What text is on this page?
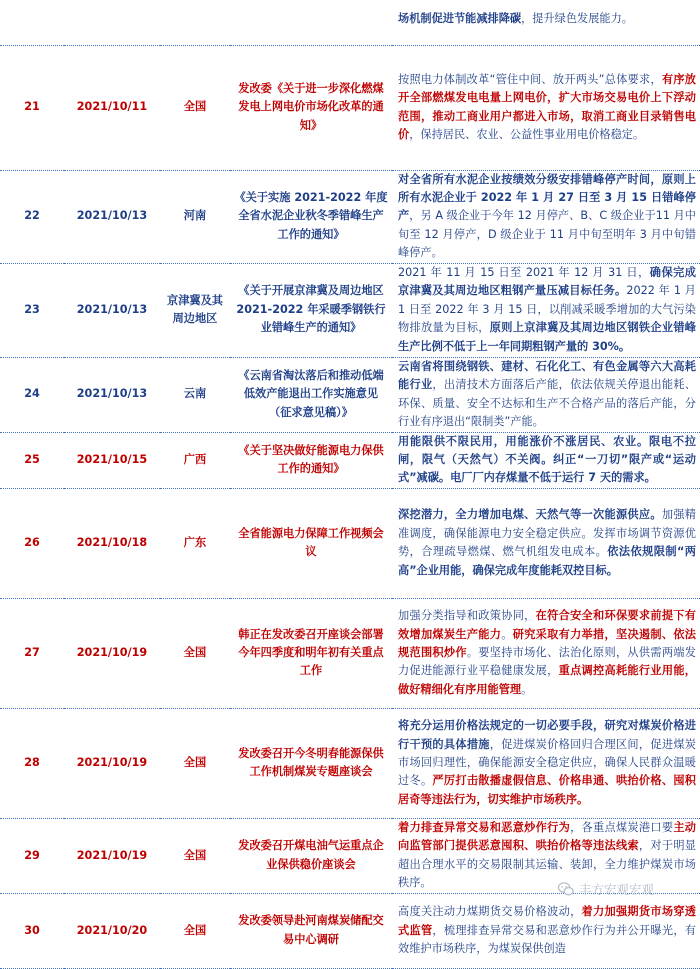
				场机制促进节能减排降碳，提升绿色发展能力。
21	2021/10/11	全国	发改委《关于进一步深化燃煤发电上网电价市场化改革的通知》	按照电力体制改革“管住中间、放开两头”总体要求，有序放开全部燃煤发电电量上网电价，扩大市场交易电价上下浮动范围，推动工商业用户都进入市场，取消工商业目录销售电价，保持居民、农业、公益性事业用电价格稳定。
22	2021/10/13	河南	《关于实施 2021-2022 年度全省水泥企业秋冬季错峰生产工作的通知》	对全省所有水泥企业按绩效分级安排错峰停产时间，原则上所有水泥企业于 2022 年 1 月 27 日至 3 月 15 日错峰停产，另 A 级企业于今年 12 月停产、B、C 级企业于11 月中旬至 12 月停产，D 级企业于 11 月中旬至明年 3 月中旬错峰停产。
23	2021/10/13	京津冀及其周边地区	《关于开展京津冀及周边地区 2021-2022 年采暖季钢铁行业错峰生产的通知》	2021 年 11 月 15 日至 2021 年 12 月 31 日，确保完成京津冀及其周边地区粗钢产量压减目标任务。2022 年 1 月 1 日至 2022 年 3 月 15 日，以削减采暖季增加的大气污染物排放量为目标，原则上京津冀及其周边地区钢铁企业错峰生产比例不低于上一年同期粗钢产量的 30%。
24	2021/10/13	云南	《云南省淘汰落后和推动低端低效产能退出工作实施意见（征求意见稿）》	云南省将围绕钢铁、建材、石化化工、有色金属等六大高耗能行业，出清技术方面落后产能，依法依规关停退出能耗、环保、质量、安全不达标和生产不合格产品的落后产能，分行业有序退出“限制类”产能。
25	2021/10/15	广西	《关于坚决做好能源电力保供工作的通知》	用能限供不限民用，用能涨价不涨居民、农业。限电不拉闸，限气（天然气）不关阀。纠正“一刀切”限产或“运动式”减碳。电厂厂内存煤量不低于运行 7 天的需求。
26	2021/10/18	广东	全省能源电力保障工作视频会议	深挖潜力，全力增加电煤、天然气等一次能源供应。加强精准调度，确保能源电力安全稳定供应。发挥市场调节资源优势，合理疏导燃煤、燃气机组发电成本。依法依规限制“两高”企业用能，确保完成年度能耗双控目标。
27	2021/10/19	全国	韩正在发改委召开座谈会部署今年四季度和明年初有关重点工作	加强分类指导和政策协同，在符合安全和环保要求前提下有效增加煤炭生产能力。研究采取有力举措，坚决遏制、依法规范围积炒作。要坚持市场化、法治化原则，从供需两端发力促进能源行业平稳健康发展，重点调控高耗能行业用能，做好精细化有序用能管理。
28	2021/10/19	全国	发改委召开今冬明春能源保供工作机制煤炭专题座谈会	将充分运用价格法规定的一切必要手段，研究对煤炭价格进行干预的具体措施，促进煤炭价格回归合理区间，促进煤炭市场回归理性，确保能源安全稳定供应，确保人民群众温暖过冬。严厉打击散播虚假信息、价格串通、哄抬价格、囤积居奇等违法行为，切实维护市场秩序。
29	2021/10/19	全国	发改委召开煤电油气运重点企业保供稳价座谈会	着力排查异常交易和恶意炒作行为，各重点煤炭港口要主动向监管部门提供恶意囤积、哄抬价格等违法线索，对于明显超出合理水平的交易限制其运输、装卸，全力维护煤炭市场秩序。
30	2021/10/20	全国	发改委领导赴河南煤炭储配交易中心调研	高度关注动力煤期货交易价格波动，着力加强期货市场穿透式监管，梳理排查异常交易和恶意炒作行为并公开曝光，有效维护市场秩序，为煤炭保供创造
丰方宏观宏观
